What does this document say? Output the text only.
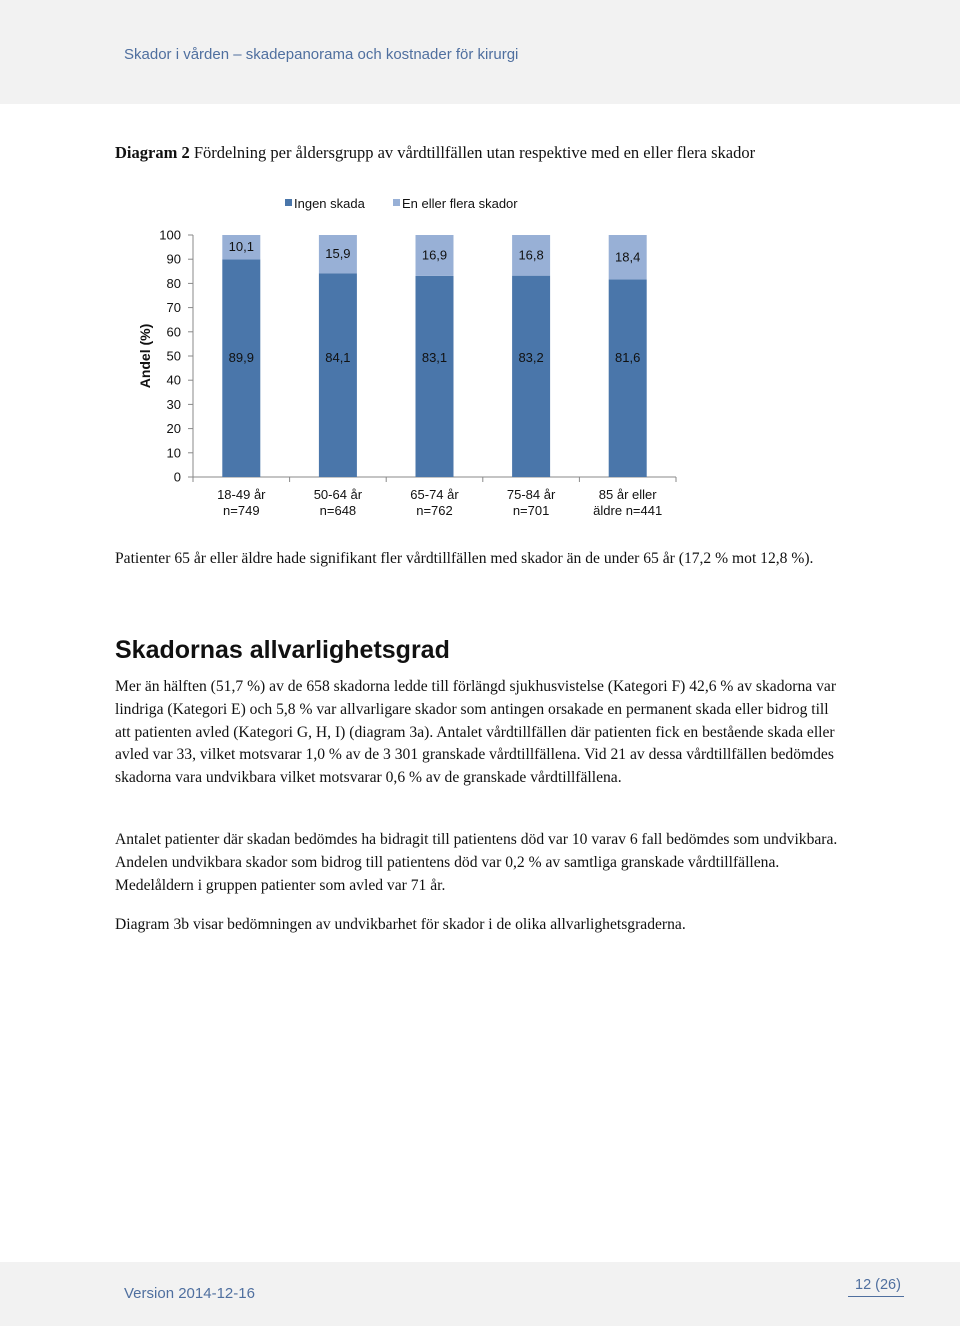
Skador i vården – skadepanorama och kostnader för kirurgi
Diagram 2 Fördelning per åldersgrupp av vårdtillfällen utan respektive med en eller flera skador
0
10
20
30
40
50
60
70
80
90
100
Andel (%)	89,9
10,1
18-49 år
n=749
84,1
15,9
50-64 år
n=648
83,1
16,9
65-74 år
n=762
83,2
16,8
75-84 år
n=701
81,6
18,4
85 år eller
äldre n=441
Ingen skada	En eller flera skador

Patienter 65 år eller äldre hade signifikant fler vårdtillfällen med skador än de under 65 år (17,2 % mot 12,8 %).

Skadornas allvarlighetsgrad

Mer än hälften (51,7 %) av de 658 skadorna ledde till förlängd sjukhusvistelse (Kategori F) 42,6 % av skadorna var lindriga (Kategori E) och 5,8 % var allvarligare skador som antingen orsakade en permanent skada eller bidrog till att patienten avled (Kategori G, H, I) (diagram 3a). Antalet vårdtillfällen där patienten fick en bestående skada eller avled var 33, vilket motsvarar 1,0 % av de 3 301 granskade vårdtillfällena. Vid 21 av dessa vårdtillfällen bedömdes skadorna vara undvikbara vilket motsvarar 0,6 % av de granskade vårdtillfällena.

Antalet patienter där skadan bedömdes ha bidragit till patientens död var 10 varav 6 fall bedömdes som undvikbara. Andelen undvikbara skador som bidrog till patientens död var 0,2 % av samtliga granskade vårdtillfällena. Medelåldern i gruppen patienter som avled var 71 år.

Diagram 3b visar bedömningen av undvikbarhet för skador i de olika allvarlighetsgraderna.

Version 2014-12-16	12 (26)
